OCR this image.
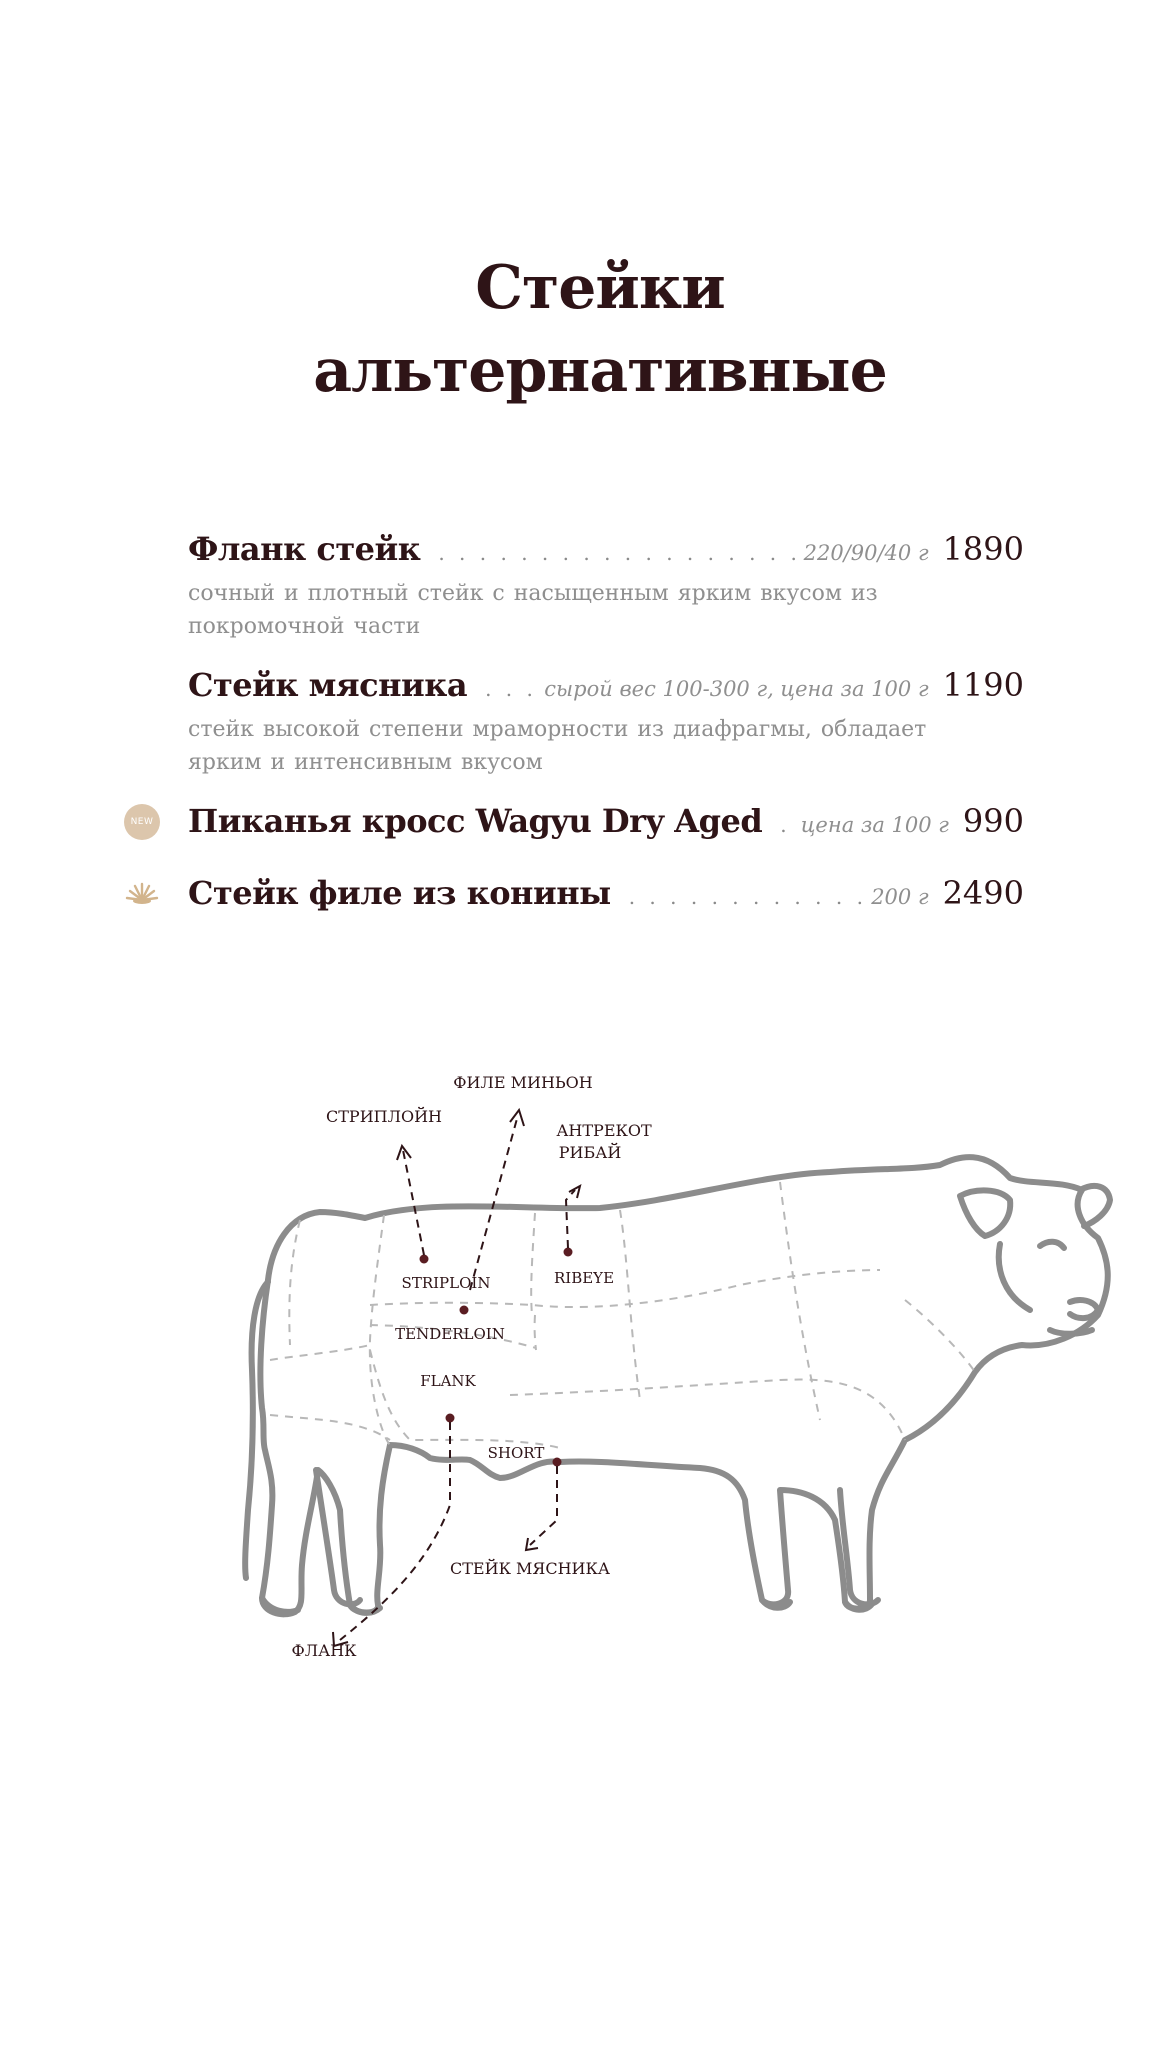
Стейки
альтернативные
Фланк стейк . . .	220/90/40 г 1890
сочный и плотный стейк с насыщенным ярким вкусом из покромочной части
Стейк мясника . . .	сырой вес 100-300 г, цена за 100 г 1190
стейк высокой степени мраморности из диафрагмы, обладает ярким и интенсивным вкусом
NEW Пиканья кросс Wagyu Dry Aged . . . цена за 100 г 990
Стейк филе из конины . . .	200 г 2490
STRIPLOIN	RIBEYE
TENDERLOIN
FLANK
SHORT
ФИЛЕ МИНЬОН
СТРИПЛОЙН
АНТРЕКОТ
РИБАЙ
СТЕЙК МЯСНИКА
ФЛАНК
